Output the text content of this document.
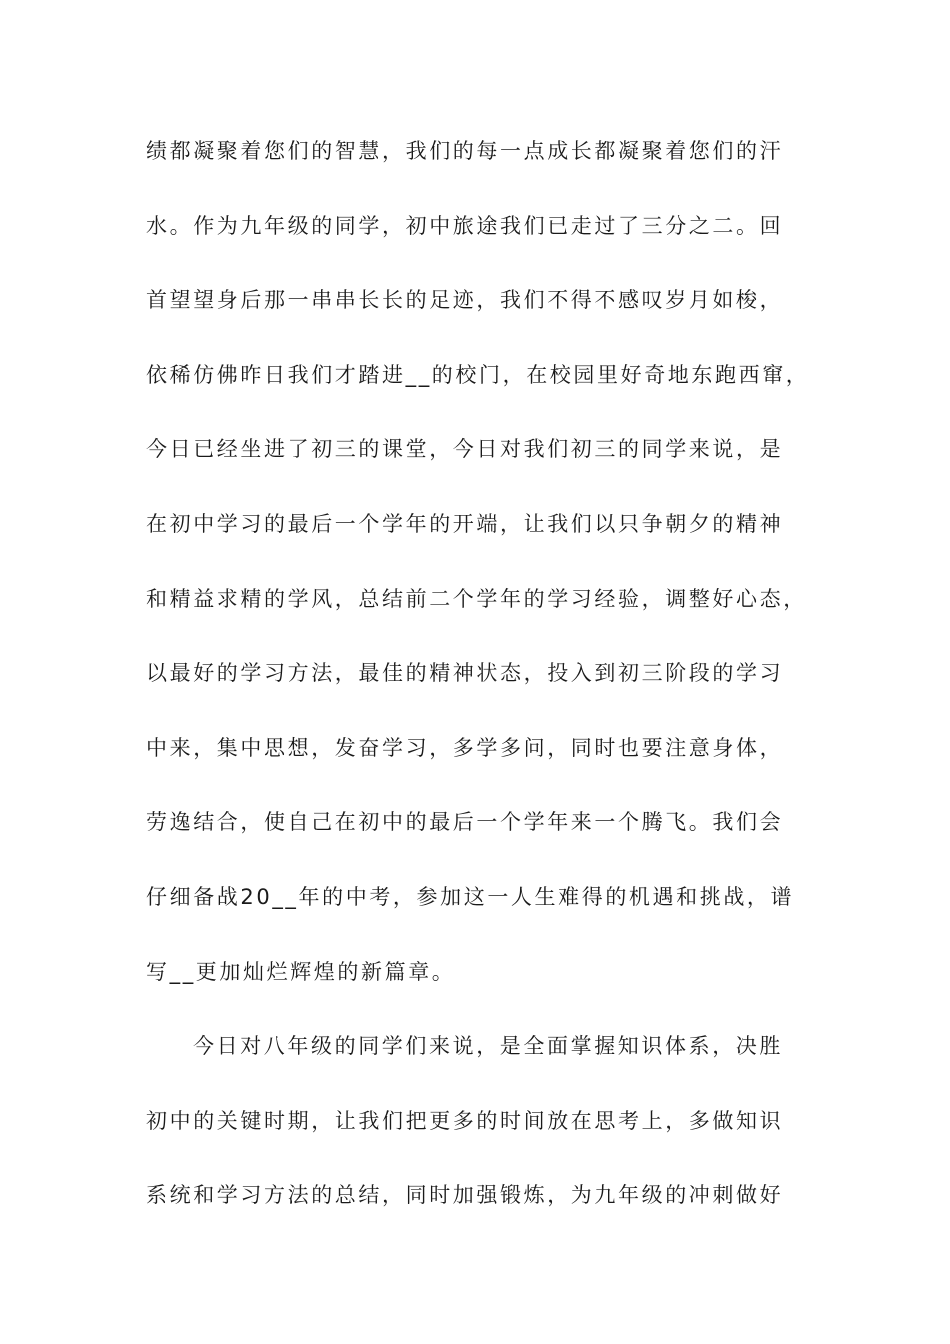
绩都凝聚着您们的智慧，我们的每一点成长都凝聚着您们的汗
水。作为九年级的同学，初中旅途我们已走过了三分之二。回
首望望身后那一串串长长的足迹，我们不得不感叹岁月如梭，
依稀仿佛昨日我们才踏进__的校门，在校园里好奇地东跑西窜，
今日已经坐进了初三的课堂，今日对我们初三的同学来说，是
在初中学习的最后一个学年的开端，让我们以只争朝夕的精神
和精益求精的学风，总结前二个学年的学习经验，调整好心态，
以最好的学习方法，最佳的精神状态，投入到初三阶段的学习
中来，集中思想，发奋学习，多学多问，同时也要注意身体，
劳逸结合，使自己在初中的最后一个学年来一个腾飞。我们会
仔细备战20__年的中考，参加这一人生难得的机遇和挑战，谱
写__更加灿烂辉煌的新篇章。
今日对八年级的同学们来说，是全面掌握知识体系，决胜
初中的关键时期，让我们把更多的时间放在思考上，多做知识
系统和学习方法的总结，同时加强锻炼，为九年级的冲刺做好
